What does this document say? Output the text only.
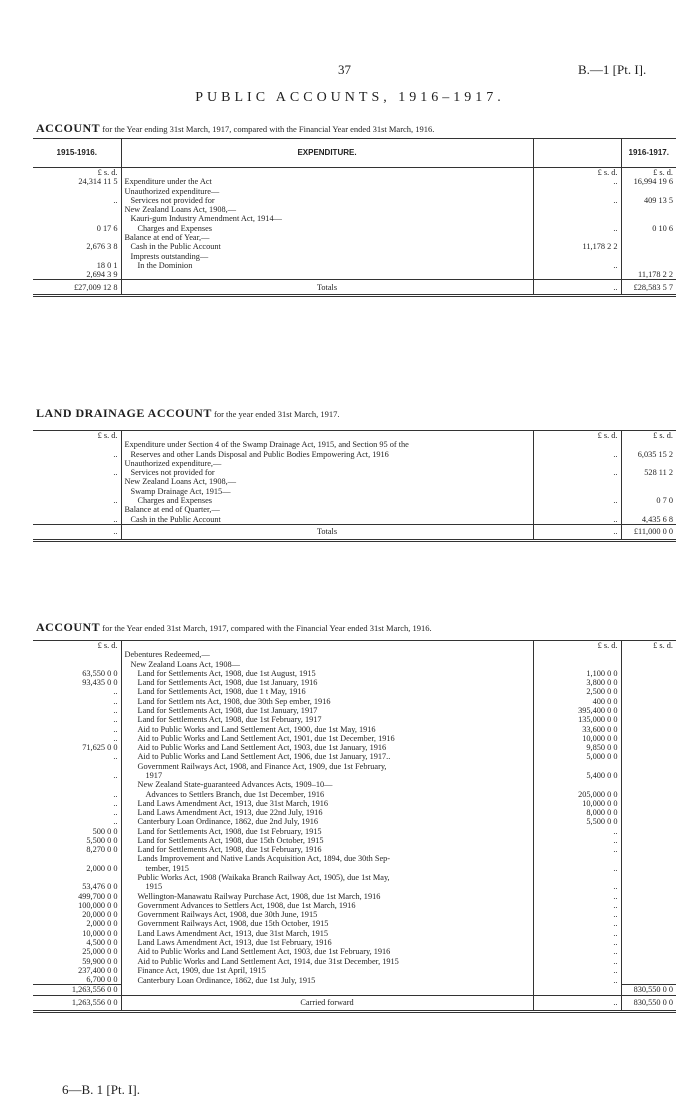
37	B.—1 [Pt. I].
PUBLIC ACCOUNTS, 1916–1917.
ACCOUNT for the Year ending 31st March, 1917, compared with the Financial Year ended 31st March, 1916.
1915-1916.	EXPENDITURE.		1916-1917.
£ s. d.		£ s. d.	£ s. d.
24,314 11 5	Expenditure under the Act	..	16,994 19 6
	Unauthorized expenditure—		
..	Services not provided for	..	409 13 5
	New Zealand Loans Act, 1908,—		
	Kauri-gum Industry Amendment Act, 1914—		
0 17 6	Charges and Expenses	..	0 10 6
	Balance at end of Year,—		
2,676 3 8	Cash in the Public Account	11,178 2 2	
	Imprests outstanding—		
18 0 1	In the Dominion	..	
2,694 3 9			11,178 2 2
£27,009 12 8	Totals	..	£28,583 5 7
LAND DRAINAGE ACCOUNT for the year ended 31st March, 1917.
£ s. d.		£ s. d.	£ s. d.
	Expenditure under Section 4 of the Swamp Drainage Act, 1915, and Section 95 of the		
..	Reserves and other Lands Disposal and Public Bodies Empowering Act, 1916	..	6,035 15 2
	Unauthorized expenditure,—		
..	Services not provided for	..	528 11 2
	New Zealand Loans Act, 1908,—		
	Swamp Drainage Act, 1915—		
..	Charges and Expenses	..	0 7 0
	Balance at end of Quarter,—		
..	Cash in the Public Account	..	4,435 6 8
..	Totals	..	£11,000 0 0
ACCOUNT for the Year ended 31st March, 1917, compared with the Financial Year ended 31st March, 1916.
£ s. d.		£ s. d.	£ s. d.
	Debentures Redeemed,—		
	New Zealand Loans Act, 1908—		
63,550 0 0	Land for Settlements Act, 1908, due 1st August, 1915	1,100 0 0	
93,435 0 0	Land for Settlements Act, 1908, due 1st January, 1916	3,800 0 0	
..	Land for Settlements Act, 1908, due 1 t May, 1916	2,500 0 0	
..	Land for Settlem nts Act, 1908, due 30th Sep ember, 1916	400 0 0	
..	Land for Settlements Act, 1908, due 1st January, 1917	395,400 0 0	
..	Land for Settlements Act, 1908, due 1st February, 1917	135,000 0 0	
..	Aid to Public Works and Land Settlement Act, 1900, due 1st May, 1916	33,600 0 0	
..	Aid to Public Works and Land Settlement Act, 1901, due 1st December, 1916	10,000 0 0	
71,625 0 0	Aid to Public Works and Land Settlement Act, 1903, due 1st January, 1916	9,850 0 0	
..	Aid to Public Works and Land Settlement Act, 1906, due 1st January, 1917..	5,000 0 0	
	Government Railways Act, 1908, and Finance Act, 1909, due 1st February,		
..	1917	5,400 0 0	
	New Zealand State-guaranteed Advances Acts, 1909–10—		
..	Advances to Settlers Branch, due 1st December, 1916	205,000 0 0	
..	Land Laws Amendment Act, 1913, due 31st March, 1916	10,000 0 0	
..	Land Laws Amendment Act, 1913, due 22nd July, 1916	8,000 0 0	
..	Canterbury Loan Ordinance, 1862, due 2nd July, 1916	5,500 0 0	
500 0 0	Land for Settlements Act, 1908, due 1st February, 1915	..	
5,500 0 0	Land for Settlements Act, 1908, due 15th October, 1915	..	
8,270 0 0	Land for Settlements Act, 1908, due 1st February, 1916	..	
	Lands Improvement and Native Lands Acquisition Act, 1894, due 30th Sep-		
2,000 0 0	tember, 1915	..	
	Public Works Act, 1908 (Waikaka Branch Railway Act, 1905), due 1st May,		
53,476 0 0	1915	..	
499,700 0 0	Wellington-Manawatu Railway Purchase Act, 1908, due 1st March, 1916	..	
100,000 0 0	Government Advances to Settlers Act, 1908, due 1st March, 1916	..	
20,000 0 0	Government Railways Act, 1908, due 30th June, 1915	..	
2,000 0 0	Government Railways Act, 1908, due 15th October, 1915	..	
10,000 0 0	Land Laws Amendment Act, 1913, due 31st March, 1915	..	
4,500 0 0	Land Laws Amendment Act, 1913, due 1st February, 1916	..	
25,000 0 0	Aid to Public Works and Land Settlement Act, 1903, due 1st February, 1916	..	
59,900 0 0	Aid to Public Works and Land Settlement Act, 1914, due 31st December, 1915	..	
237,400 0 0	Finance Act, 1909, due 1st April, 1915	..	
6,700 0 0	Canterbury Loan Ordinance, 1862, due 1st July, 1915	..	
1,263,556 0 0			830,550 0 0
1,263,556 0 0	Carried forward	..	830,550 0 0
6—B. 1 [Pt. I].
